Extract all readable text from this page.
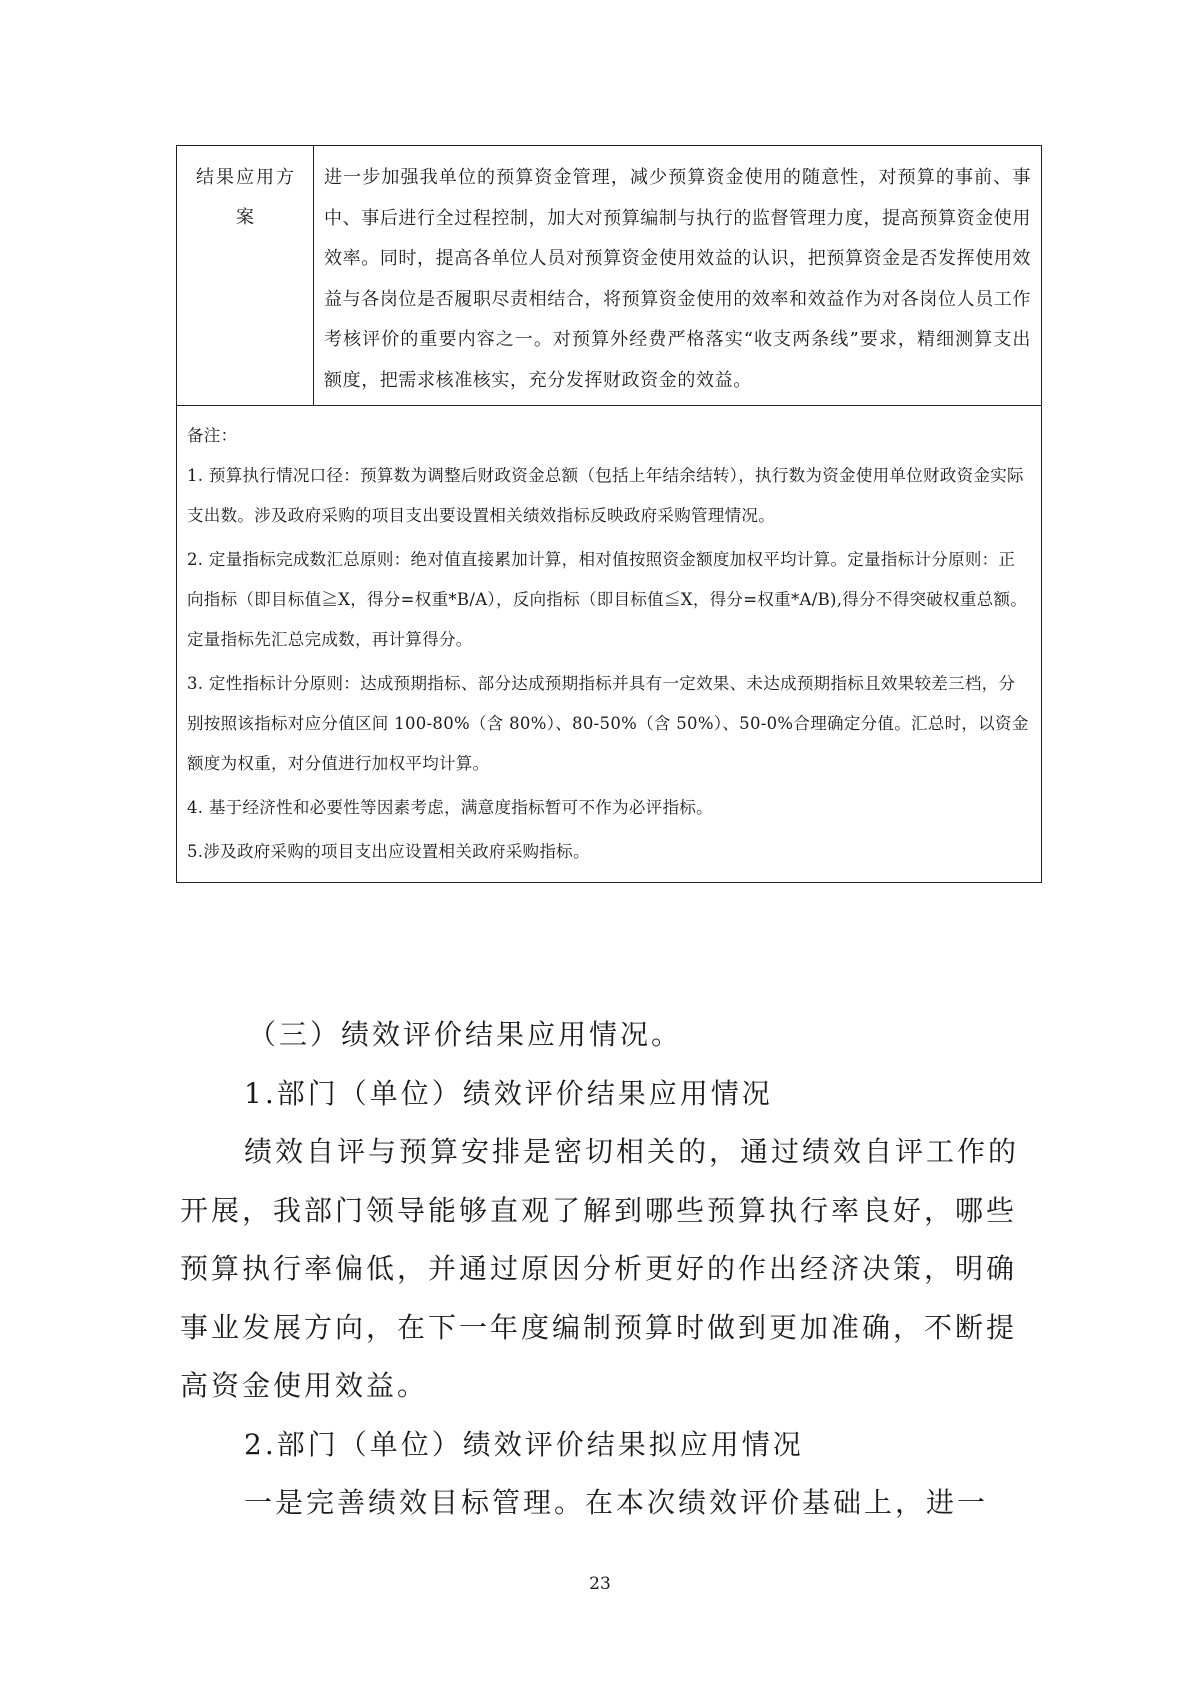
结果应用方案
进一步加强我单位的预算资金管理，减少预算资金使用的随意性，对预算的事前、事中、事后进行全过程控制，加大对预算编制与执行的监督管理力度，提高预算资金使用效率。同时，提高各单位人员对预算资金使用效益的认识，把预算资金是否发挥使用效益与各岗位是否履职尽责相结合，将预算资金使用的效率和效益作为对各岗位人员工作考核评价的重要内容之一。对预算外经费严格落实“收支两条线”要求，精细测算支出额度，把需求核准核实，充分发挥财政资金的效益。

备注：

1. 预算执行情况口径：预算数为调整后财政资金总额（包括上年结余结转），执行数为资金使用单位财政资金实际支出数。涉及政府采购的项目支出要设置相关绩效指标反映政府采购管理情况。

2. 定量指标完成数汇总原则：绝对值直接累加计算，相对值按照资金额度加权平均计算。定量指标计分原则：正向指标（即目标值≧X，得分=权重*B/A），反向指标（即目标值≦X，得分=权重*A/B),得分不得突破权重总额。定量指标先汇总完成数，再计算得分。

3. 定性指标计分原则：达成预期指标、部分达成预期指标并具有一定效果、未达成预期指标且效果较差三档，分别按照该指标对应分值区间 100-80%（含 80%）、80-50%（含 50%）、50-0%合理确定分值。汇总时，以资金额度为权重，对分值进行加权平均计算。

4. 基于经济性和必要性等因素考虑，满意度指标暂可不作为必评指标。

5.涉及政府采购的项目支出应设置相关政府采购指标。

（三）绩效评价结果应用情况。

1.部门（单位）绩效评价结果应用情况

绩效自评与预算安排是密切相关的，通过绩效自评工作的开展，我部门领导能够直观了解到哪些预算执行率良好，哪些预算执行率偏低，并通过原因分析更好的作出经济决策，明确事业发展方向，在下一年度编制预算时做到更加准确，不断提高资金使用效益。

2.部门（单位）绩效评价结果拟应用情况

一是完善绩效目标管理。在本次绩效评价基础上，进一

23
